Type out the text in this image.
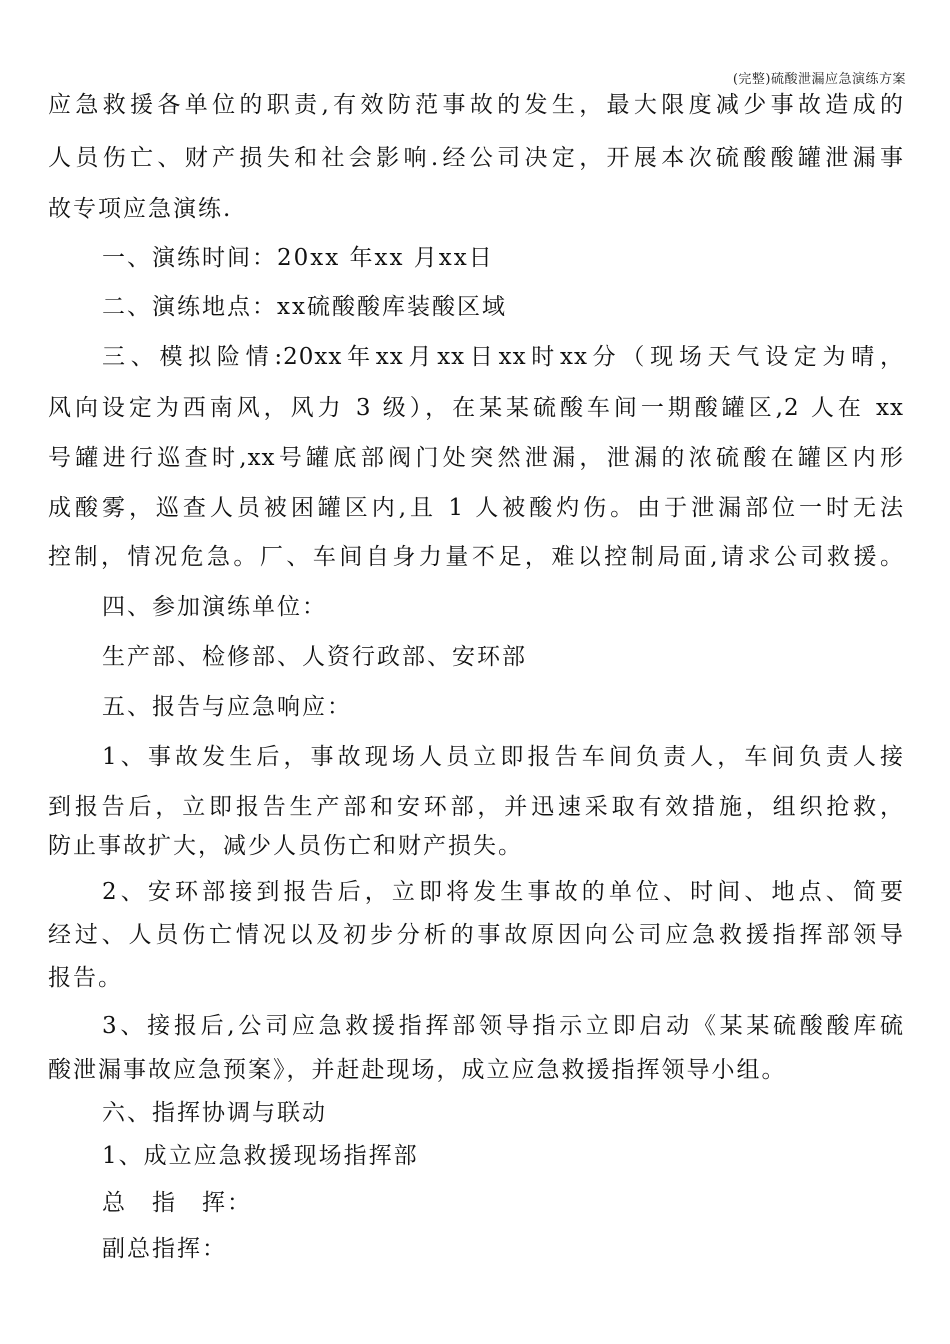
(完整)硫酸泄漏应急演练方案
应急救援各单位的职责,有效防范事故的发生，最大限度减少事故造成的
人员伤亡、财产损失和社会影响.经公司决定，开展本次硫酸酸罐泄漏事
故专项应急演练.
一、演练时间：20xx 年xx 月xx日
二、演练地点：xx硫酸酸库装酸区域
三、模拟险情:20xx年xx月xx日xx时xx分（现场天气设定为晴，
风向设定为西南风，风力 3 级），在某某硫酸车间一期酸罐区,2 人在 xx
号罐进行巡查时,xx号罐底部阀门处突然泄漏，泄漏的浓硫酸在罐区内形
成酸雾，巡查人员被困罐区内,且 1 人被酸灼伤。由于泄漏部位一时无法
控制，情况危急。厂、车间自身力量不足，难以控制局面,请求公司救援。
四、参加演练单位：
生产部、检修部、人资行政部、安环部
五、报告与应急响应：
1、事故发生后，事故现场人员立即报告车间负责人，车间负责人接
到报告后，立即报告生产部和安环部，并迅速采取有效措施，组织抢救，
防止事故扩大，减少人员伤亡和财产损失。
2、安环部接到报告后，立即将发生事故的单位、时间、地点、简要
经过、人员伤亡情况以及初步分析的事故原因向公司应急救援指挥部领导
报告。
3、接报后,公司应急救援指挥部领导指示立即启动《某某硫酸酸库硫
酸泄漏事故应急预案》，并赶赴现场，成立应急救援指挥领导小组。
六、指挥协调与联动
1、成立应急救援现场指挥部
总　指　挥：
副总指挥：
